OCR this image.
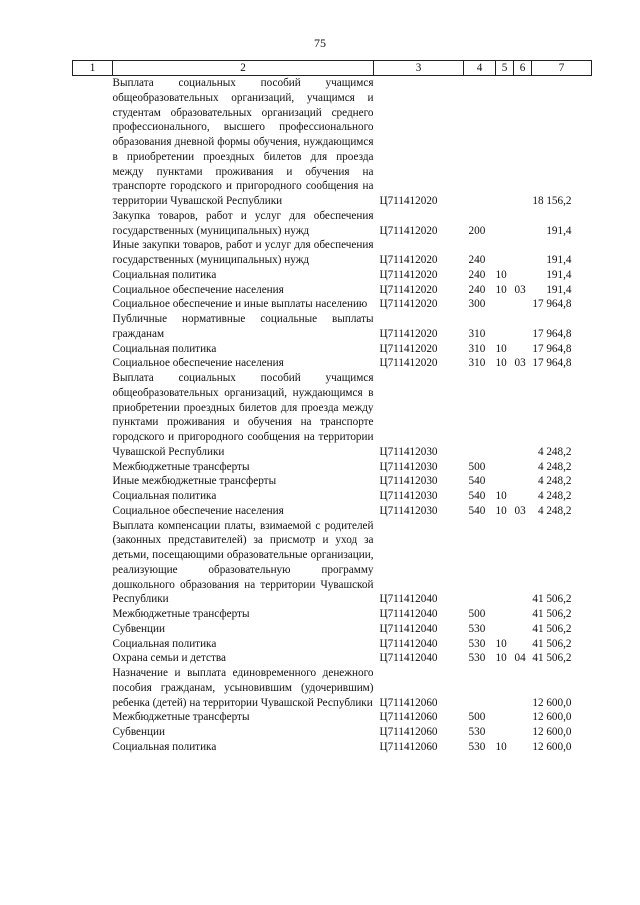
75
1	2	3	4	5	6	7
	Выплата социальных пособий учащимся общеобразовательных организаций, учащимся и студентам образовательных организаций среднего профессионального, высшего профессионального образования дневной формы обучения, нуждающимся в приобретении проездных билетов для проезда между пунктами проживания и обучения на транспорте городского и пригородного сообщения на территории Чувашской Республики	Ц711412020				18 156,2
	Закупка товаров, работ и услуг для обеспечения государственных (муниципальных) нужд	Ц711412020	200			191,4
	Иные закупки товаров, работ и услуг для обеспечения государственных (муниципальных) нужд	Ц711412020	240			191,4
	Социальная политика	Ц711412020	240	10		191,4
	Социальное обеспечение населения	Ц711412020	240	10	03	191,4
	Социальное обеспечение и иные выплаты населению	Ц711412020	300			17 964,8
	Публичные нормативные социальные выплаты гражданам	Ц711412020	310			17 964,8
	Социальная политика	Ц711412020	310	10		17 964,8
	Социальное обеспечение населения	Ц711412020	310	10	03	17 964,8
	Выплата социальных пособий учащимся общеобразовательных организаций, нуждающимся в приобретении проездных билетов для проезда между пунктами проживания и обучения на транспорте городского и пригородного сообщения на территории Чувашской Республики	Ц711412030				4 248,2
	Межбюджетные трансферты	Ц711412030	500			4 248,2
	Иные межбюджетные трансферты	Ц711412030	540			4 248,2
	Социальная политика	Ц711412030	540	10		4 248,2
	Социальное обеспечение населения	Ц711412030	540	10	03	4 248,2
	Выплата компенсации платы, взимаемой с родителей (законных представителей) за присмотр и уход за детьми, посещающими образовательные организации, реализующие образовательную программу дошкольного образования на территории Чувашской Республики	Ц711412040				41 506,2
	Межбюджетные трансферты	Ц711412040	500			41 506,2
	Субвенции	Ц711412040	530			41 506,2
	Социальная политика	Ц711412040	530	10		41 506,2
	Охрана семьи и детства	Ц711412040	530	10	04	41 506,2
	Назначение и выплата единовременного денежного пособия гражданам, усыновившим (удочерившим) ребенка (детей) на территории Чувашской Республики	Ц711412060				12 600,0
	Межбюджетные трансферты	Ц711412060	500			12 600,0
	Субвенции	Ц711412060	530			12 600,0
	Социальная политика	Ц711412060	530	10		12 600,0
